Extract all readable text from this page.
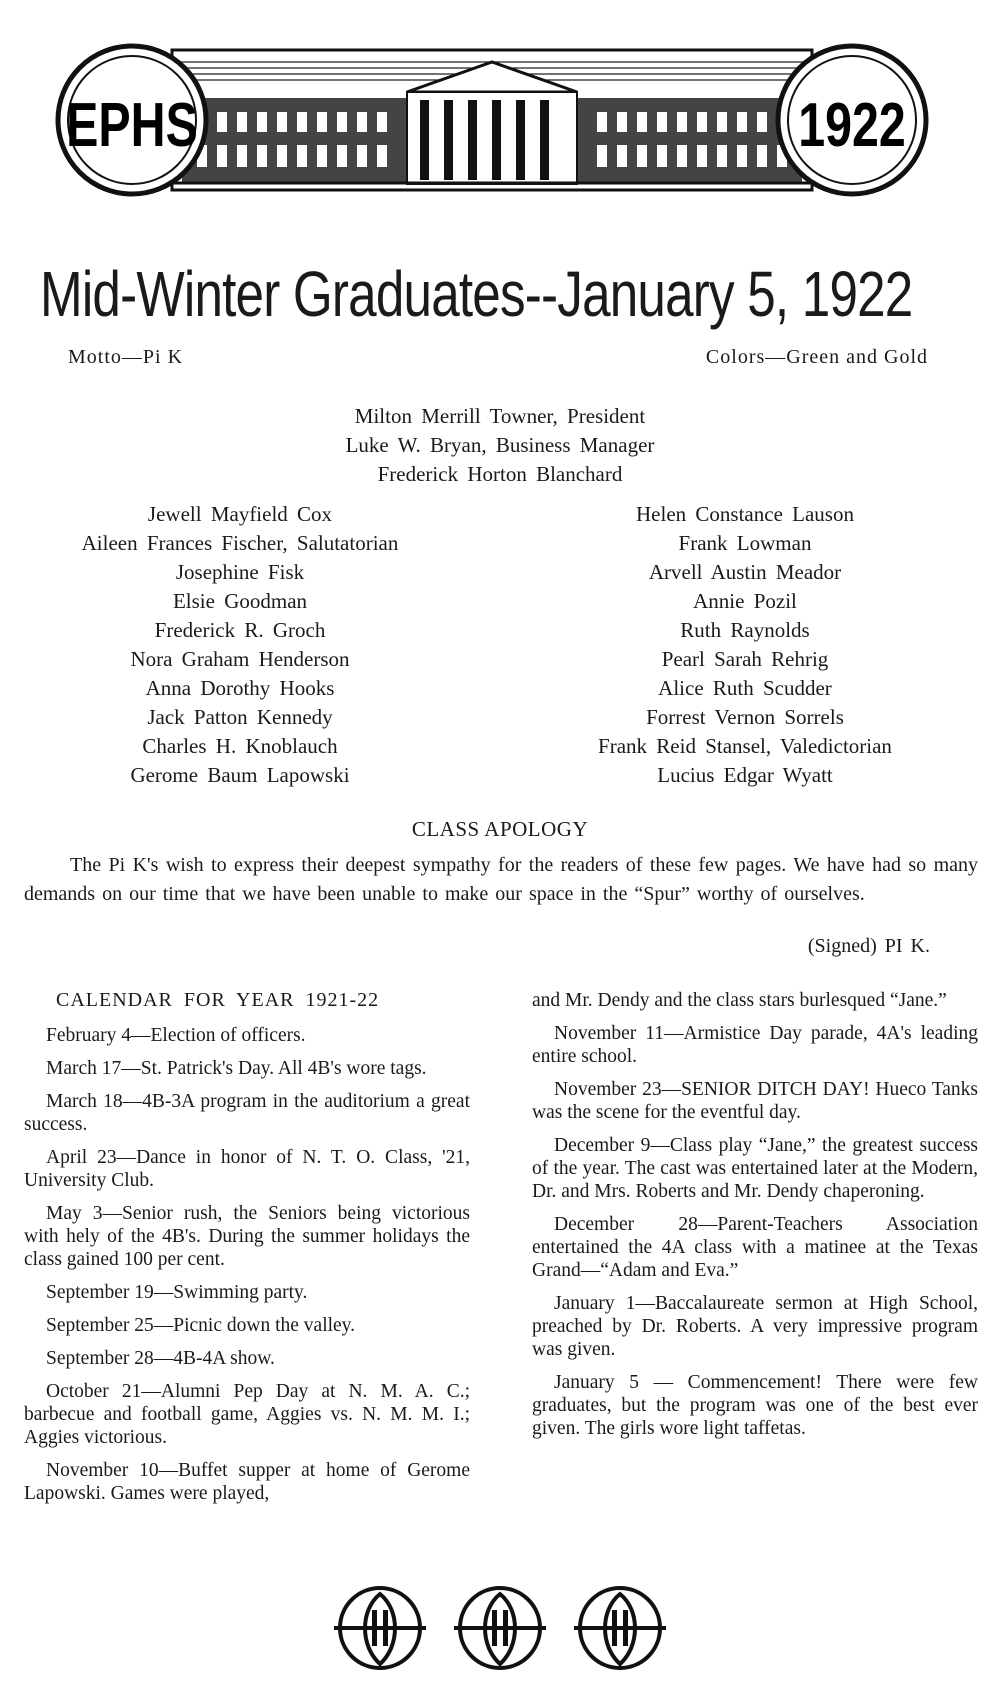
EPHS	1922
Mid-Winter Graduates--January 5, 1922
Motto—Pi K	Colors—Green and Gold
Milton Merrill Towner, President
Luke W. Bryan, Business Manager
Frederick Horton Blanchard
Jewell Mayfield Cox
Aileen Frances Fischer, Salutatorian
Josephine Fisk
Elsie Goodman
Frederick R. Groch
Nora Graham Henderson
Anna Dorothy Hooks
Jack Patton Kennedy
Charles H. Knoblauch
Gerome Baum Lapowski
Helen Constance Lauson
Frank Lowman
Arvell Austin Meador
Annie Pozil
Ruth Raynolds
Pearl Sarah Rehrig
Alice Ruth Scudder
Forrest Vernon Sorrels
Frank Reid Stansel, Valedictorian
Lucius Edgar Wyatt
CLASS APOLOGY
The Pi K's wish to express their deepest sympathy for the readers of these few pages. We have had so many demands on our time that we have been unable to make our space in the “Spur” worthy of ourselves.
(Signed) PI K.
CALENDAR FOR YEAR 1921-22

February 4—Election of officers.

March 17—St. Patrick's Day. All 4B's wore tags.

March 18—4B-3A program in the auditorium a great success.

April 23—Dance in honor of N. T. O. Class, '21, University Club.

May 3—Senior rush, the Seniors being victorious with hely of the 4B's. During the summer holidays the class gained 100 per cent.

September 19—Swimming party.

September 25—Picnic down the valley.

September 28—4B-4A show.

October 21—Alumni Pep Day at N. M. A. C.; barbecue and football game, Aggies vs. N. M. M. I.; Aggies victorious.

November 10—Buffet supper at home of Gerome Lapowski. Games were played,

and Mr. Dendy and the class stars burlesqued “Jane.”

November 11—Armistice Day parade, 4A's leading entire school.

November 23—SENIOR DITCH DAY! Hueco Tanks was the scene for the eventful day.

December 9—Class play “Jane,” the greatest success of the year. The cast was entertained later at the Modern, Dr. and Mrs. Roberts and Mr. Dendy chaperoning.

December 28—Parent-Teachers Association entertained the 4A class with a matinee at the Texas Grand—“Adam and Eva.”

January 1—Baccalaureate sermon at High School, preached by Dr. Roberts. A very impressive program was given.

January 5 — Commencement! There were few graduates, but the program was one of the best ever given. The girls wore light taffetas.
